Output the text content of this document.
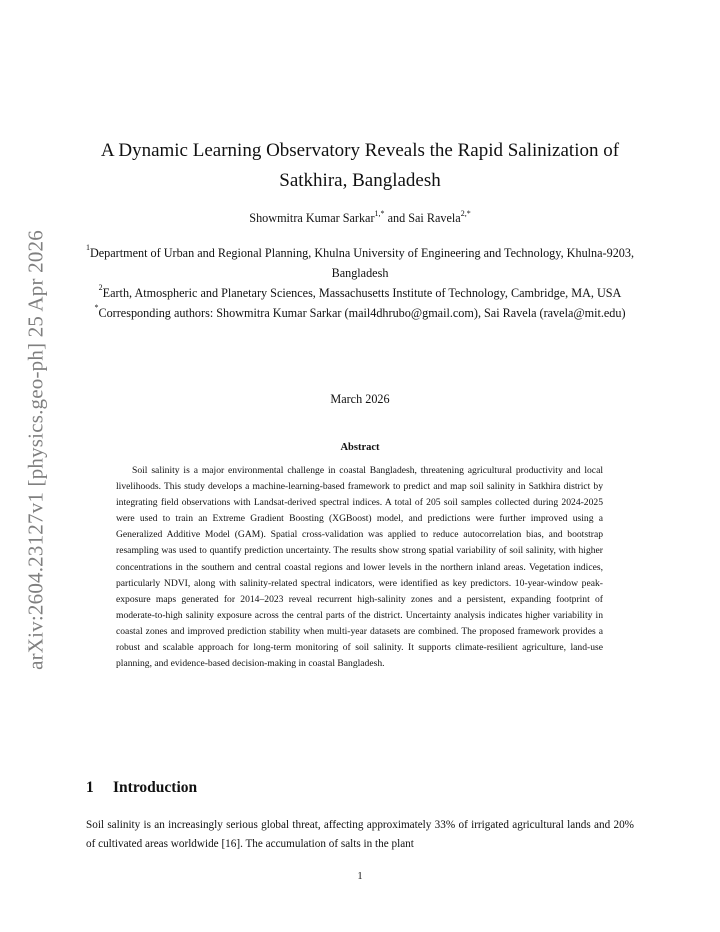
arXiv:2604.23127v1 [physics.geo-ph] 25 Apr 2026
A Dynamic Learning Observatory Reveals the Rapid Salinization of Satkhira, Bangladesh
Showmitra Kumar Sarkar$^{1,*}$ and Sai Ravela$^{2,*}$

$^1$Department of Urban and Regional Planning, Khulna University of Engineering and Technology, Khulna-9203, Bangladesh

$^2$Earth, Atmospheric and Planetary Sciences, Massachusetts Institute of Technology, Cambridge, MA, USA

*Corresponding authors: Showmitra Kumar Sarkar (mail4dhrubo@gmail.com), Sai Ravela (ravela@mit.edu)

March 2026
Abstract
Soil salinity is a major environmental challenge in coastal Bangladesh, threatening agricultural productivity and local livelihoods. This study develops a machine-learning-based framework to predict and map soil salinity in Satkhira district by integrating field observations with Landsat-derived spectral indices. A total of 205 soil samples collected during 2024-2025 were used to train an Extreme Gradient Boosting (XGBoost) model, and predictions were further improved using a Generalized Additive Model (GAM). Spatial cross-validation was applied to reduce autocorrelation bias, and bootstrap resampling was used to quantify prediction uncertainty. The results show strong spatial variability of soil salinity, with higher concentrations in the southern and central coastal regions and lower levels in the northern inland areas. Vegetation indices, particularly NDVI, along with salinity-related spectral indicators, were identified as key predictors. 10-year-window peak-exposure maps generated for 2014–2023 reveal recurrent high-salinity zones and a persistent, expanding footprint of moderate-to-high salinity exposure across the central parts of the district. Uncertainty analysis indicates higher variability in coastal zones and improved prediction stability when multi-year datasets are combined. The proposed framework provides a robust and scalable approach for long-term monitoring of soil salinity. It supports climate-resilient agriculture, land-use planning, and evidence-based decision-making in coastal Bangladesh.
1 Introduction
Soil salinity is an increasingly serious global threat, affecting approximately 33% of irrigated agricultural lands and 20% of cultivated areas worldwide [16]. The accumulation of salts in the plant
1
